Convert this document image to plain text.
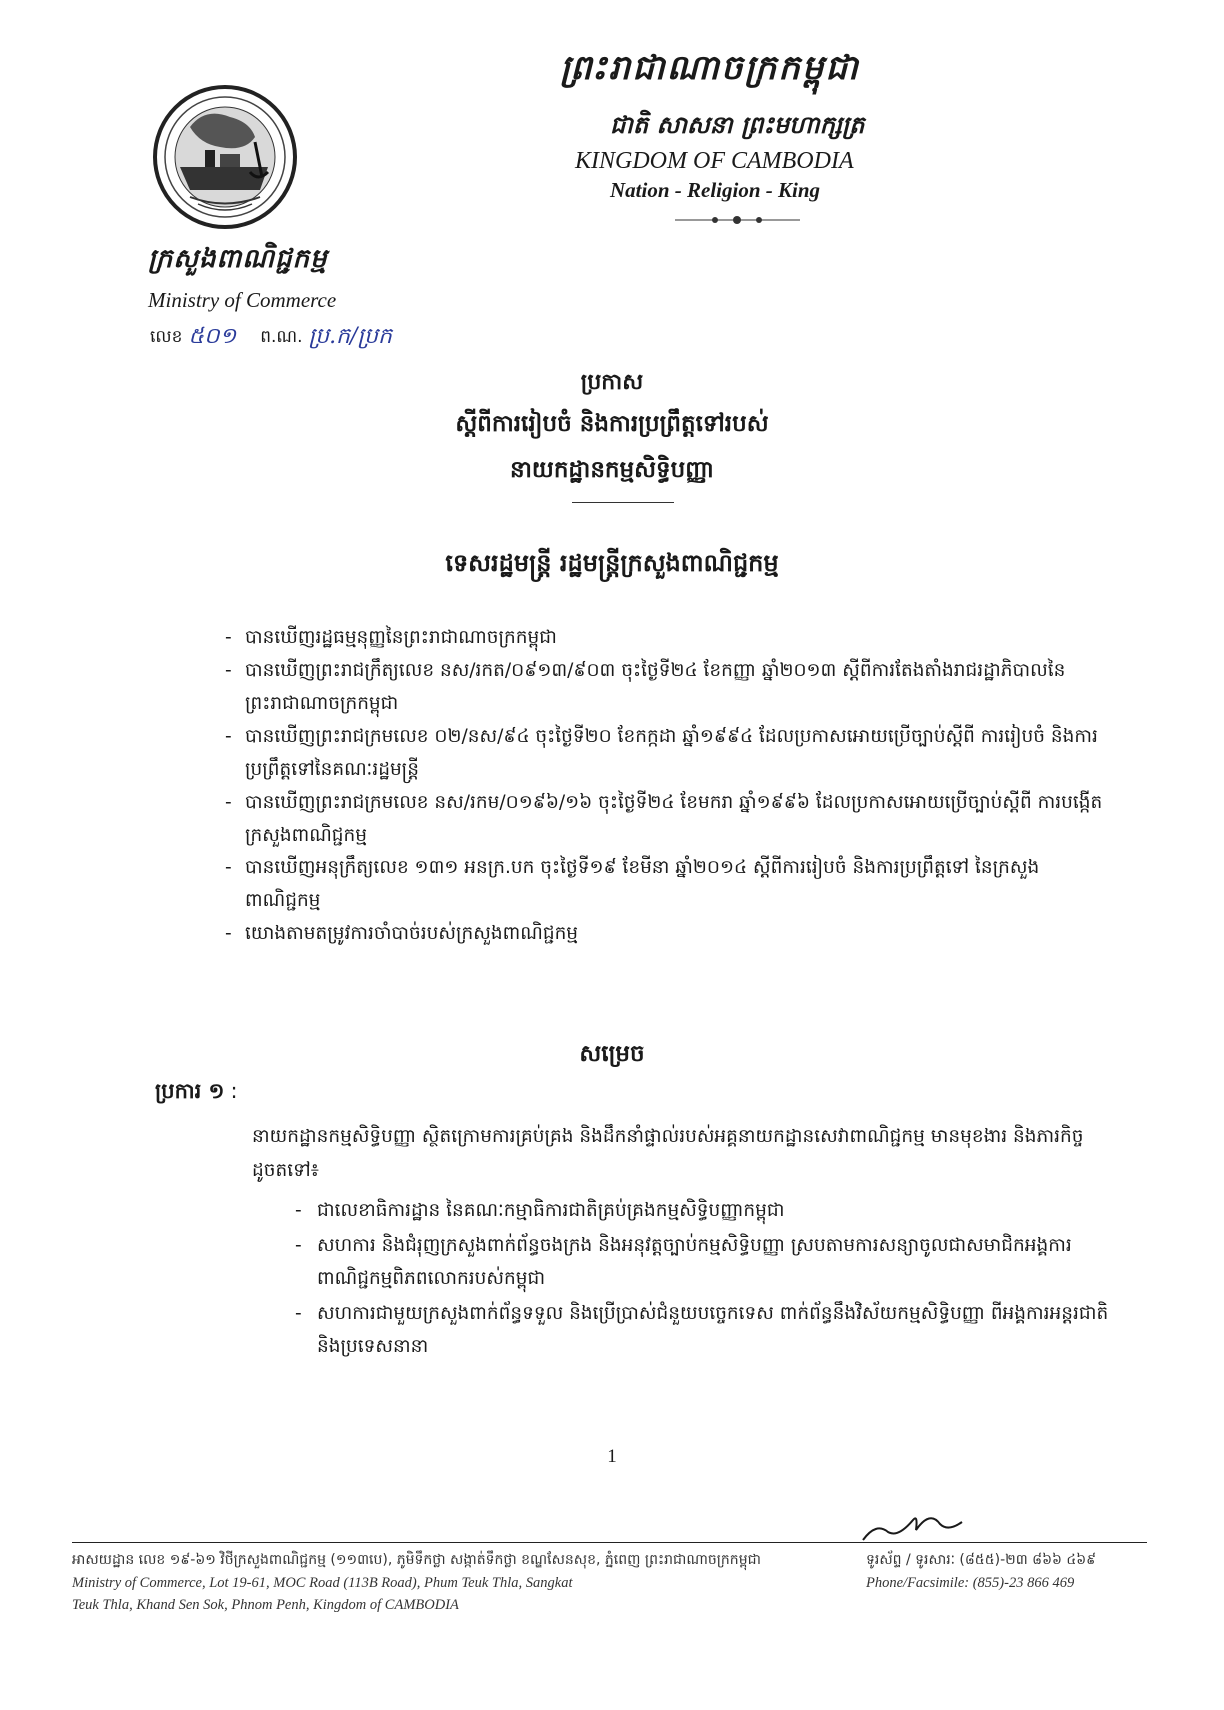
ក្រសួងពាណិជ្ជកម្ម
Ministry of Commerce
លេខ ៥០១ ព.ណ. ប្រ.ក/ប្រក
ព្រះរាជាណាចក្រកម្ពុជា
ជាតិ សាសនា ព្រះមហាក្សត្រ
KINGDOM OF CAMBODIA
Nation - Religion - King
ប្រកាស
ស្តីពីការរៀបចំ និងការប្រព្រឹត្តទៅរបស់
នាយកដ្ឋានកម្មសិទ្ធិបញ្ញា
ទេសរដ្ឋមន្ត្រី រដ្ឋមន្ត្រីក្រសួងពាណិជ្ជកម្ម
- បានឃើញរដ្ឋធម្មនុញ្ញនៃព្រះរាជាណាចក្រកម្ពុជា
- បានឃើញព្រះរាជក្រឹត្យលេខ នស/រកត/០៩១៣/៩០៣ ចុះថ្ងៃទី២៤ ខែកញ្ញា ឆ្នាំ២០១៣ ស្តីពីការតែងតាំងរាជរដ្ឋាភិបាលនៃព្រះរាជាណាចក្រកម្ពុជា
- បានឃើញព្រះរាជក្រមលេខ ០២/នស/៩៤ ចុះថ្ងៃទី២០ ខែកក្កដា ឆ្នាំ១៩៩៤ ដែលប្រកាសអោយប្រើច្បាប់ស្តីពី ការរៀបចំ និងការប្រព្រឹត្តទៅនៃគណៈរដ្ឋមន្ត្រី
- បានឃើញព្រះរាជក្រមលេខ នស/រកម/០១៩៦/១៦ ចុះថ្ងៃទី២៤ ខែមករា ឆ្នាំ១៩៩៦ ដែលប្រកាសអោយប្រើច្បាប់ស្តីពី ការបង្កើតក្រសួងពាណិជ្ជកម្ម
- បានឃើញអនុក្រឹត្យលេខ ១៣១ អនក្រ.បក ចុះថ្ងៃទី១៩ ខែមីនា ឆ្នាំ២០១៤ ស្តីពីការរៀបចំ និងការប្រព្រឹត្តទៅ នៃក្រសួងពាណិជ្ជកម្ម
- យោងតាមតម្រូវការចាំបាច់របស់ក្រសួងពាណិជ្ជកម្ម
សម្រេច
ប្រការ ១ :
នាយកដ្ឋានកម្មសិទ្ធិបញ្ញា ស្ថិតក្រោមការគ្រប់គ្រង និងដឹកនាំផ្ទាល់របស់អគ្គនាយកដ្ឋានសេវាពាណិជ្ជកម្ម មានមុខងារ និងភារកិច្ចដូចតទៅ៖
- ជាលេខាធិការដ្ឋាន នៃគណៈកម្មាធិការជាតិគ្រប់គ្រងកម្មសិទ្ធិបញ្ញាកម្ពុជា
- សហការ និងជំរុញក្រសួងពាក់ព័ន្ធចងក្រង និងអនុវត្តច្បាប់កម្មសិទ្ធិបញ្ញា ស្របតាមការសន្យាចូលជាសមាជិកអង្គការពាណិជ្ជកម្មពិភពលោករបស់កម្ពុជា
- សហការជាមួយក្រសួងពាក់ព័ន្ធទទួល និងប្រើប្រាស់ជំនួយបច្ចេកទេស ពាក់ព័ន្ធនឹងវិស័យកម្មសិទ្ធិបញ្ញា ពីអង្គការអន្តរជាតិ និងប្រទេសនានា
1
អាសយដ្ឋាន លេខ ១៩-៦១ វិថីក្រសួងពាណិជ្ជកម្ម (១១៣បេ), ភូមិទឹកថ្លា សង្កាត់ទឹកថ្លា ខណ្ឌសែនសុខ, ភ្នំពេញ ព្រះរាជាណាចក្រកម្ពុជា
Ministry of Commerce, Lot 19-61, MOC Road (113B Road), Phum Teuk Thla, Sangkat
Teuk Thla, Khand Sen Sok, Phnom Penh, Kingdom of CAMBODIA
ទូរស័ព្ទ / ទូរសារៈ (៨៥៥)-២៣ ៨៦៦ ៤៦៩
Phone/Facsimile: (855)-23 866 469
